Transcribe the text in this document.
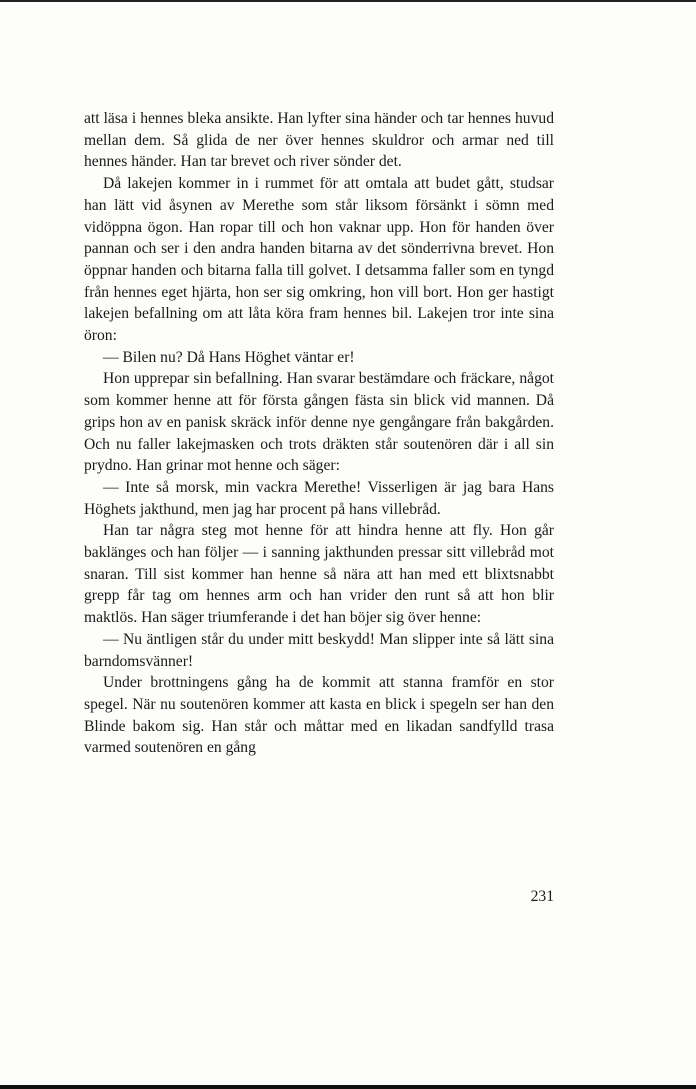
att läsa i hennes bleka ansikte. Han lyfter sina händer och tar hennes huvud mellan dem. Så glida de ner över hennes skuldror och armar ned till hennes händer. Han tar brevet och river sönder det.

Då lakejen kommer in i rummet för att omtala att budet gått, studsar han lätt vid åsynen av Merethe som står liksom försänkt i sömn med vidöppna ögon. Han ropar till och hon vaknar upp. Hon för handen över pannan och ser i den andra handen bitarna av det sönderrivna brevet. Hon öppnar handen och bitarna falla till golvet. I detsamma faller som en tyngd från hennes eget hjärta, hon ser sig omkring, hon vill bort. Hon ger hastigt lakejen befallning om att låta köra fram hennes bil. Lakejen tror inte sina öron:

— Bilen nu? Då Hans Höghet väntar er!

Hon upprepar sin befallning. Han svarar bestämdare och fräckare, något som kommer henne att för första gången fästa sin blick vid mannen. Då grips hon av en panisk skräck inför denne nye gengångare från bakgården. Och nu faller lakejmasken och trots dräkten står soutenören där i all sin prydno. Han grinar mot henne och säger:

— Inte så morsk, min vackra Merethe! Visserligen är jag bara Hans Höghets jakthund, men jag har procent på hans villebråd.

Han tar några steg mot henne för att hindra henne att fly. Hon går baklänges och han följer — i sanning jakthunden pressar sitt villebråd mot snaran. Till sist kommer han henne så nära att han med ett blixtsnabbt grepp får tag om hennes arm och han vrider den runt så att hon blir maktlös. Han säger triumferande i det han böjer sig över henne:

— Nu äntligen står du under mitt beskydd! Man slipper inte så lätt sina barndomsvänner!

Under brottningens gång ha de kommit att stanna framför en stor spegel. När nu soutenören kommer att kasta en blick i spegeln ser han den Blinde bakom sig. Han står och måttar med en likadan sandfylld trasa varmed soutenören en gång

231
